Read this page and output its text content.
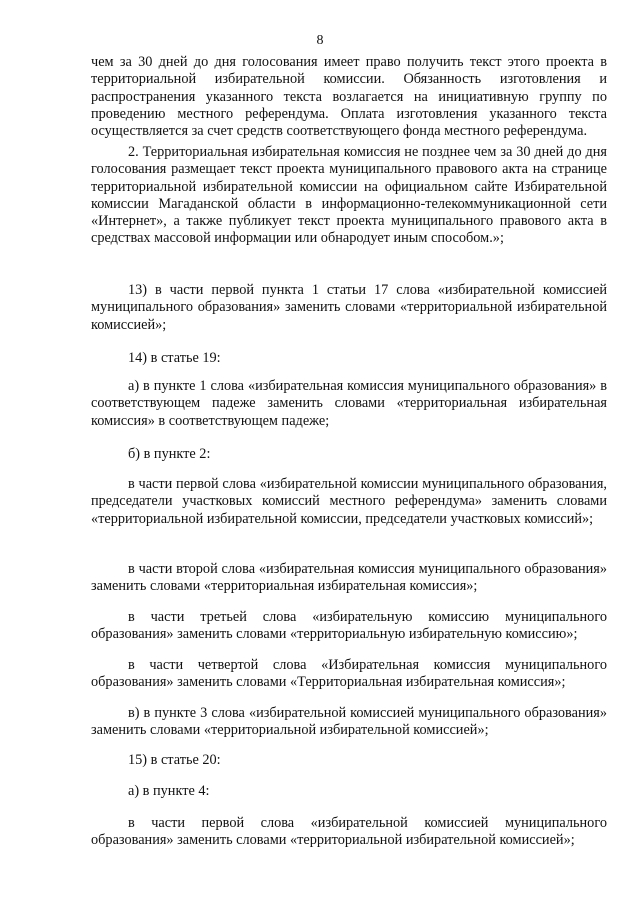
8

чем за 30 дней до дня голосования имеет право получить текст этого проекта в территориальной избирательной комиссии. Обязанность изготовления и распространения указанного текста возлагается на инициативную группу по проведению местного референдума. Оплата изготовления указанного текста осуществляется за счет средств соответствующего фонда местного референдума.

2. Территориальная избирательная комиссия не позднее чем за 30 дней до дня голосования размещает текст проекта муниципального правового акта на странице территориальной избирательной комиссии на официальном сайте Избирательной комиссии Магаданской области в информационно-телекоммуникационной сети «Интернет», а также публикует текст проекта муниципального правового акта в средствах массовой информации или обнародует иным способом.»;

13) в части первой пункта 1 статьи 17 слова «избирательной комиссией муниципального образования» заменить словами «территориальной избирательной комиссией»;

14) в статье 19:

а) в пункте 1 слова «избирательная комиссия муниципального образования» в соответствующем падеже заменить словами «территориальная избирательная комиссия» в соответствующем падеже;

б) в пункте 2:

в части первой слова «избирательной комиссии муниципального образования, председатели участковых комиссий местного референдума» заменить словами «территориальной избирательной комиссии, председатели участковых комиссий»;

в части второй слова «избирательная комиссия муниципального образования» заменить словами «территориальная избирательная комиссия»;

в части третьей слова «избирательную комиссию муниципального образования» заменить словами «территориальную избирательную комиссию»;

в части четвертой слова «Избирательная комиссия муниципального образования» заменить словами «Территориальная избирательная комиссия»;

в) в пункте 3 слова «избирательной комиссией муниципального образования» заменить словами «территориальной избирательной комиссией»;

15) в статье 20:

а) в пункте 4:

в части первой слова «избирательной комиссией муниципального образования» заменить словами «территориальной избирательной комиссией»;
